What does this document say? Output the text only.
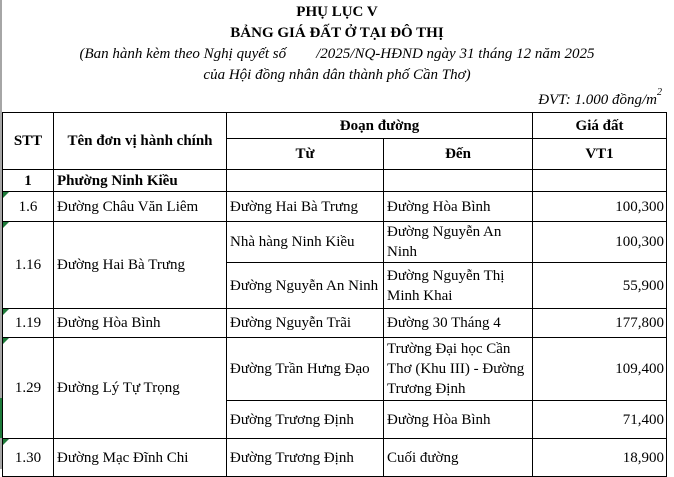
PHỤ LỤC V
BẢNG GIÁ ĐẤT Ở TẠI ĐÔ THỊ
(Ban hành kèm theo Nghị quyết số        /2025/NQ-HĐND ngày 31 tháng 12 năm 2025
của Hội đồng nhân dân thành phố Cần Thơ)
ĐVT: 1.000 đồng/$m^2$
STT	Tên đơn vị hành chính	Đoạn đường		Giá đất
		Từ	Đến	VT1
1	Phường Ninh Kiều			
1.6	Đường Châu Văn Liêm	Đường Hai Bà Trưng	Đường Hòa Bình	100,300
1.16	Đường Hai Bà Trưng	Nhà hàng Ninh Kiều	Đường Nguyễn An Ninh	100,300
		Đường Nguyễn An Ninh	Đường Nguyễn Thị Minh Khai	55,900
1.19	Đường Hòa Bình	Đường Nguyễn Trãi	Đường 30 Tháng 4	177,800
1.29	Đường Lý Tự Trọng	Đường Trần Hưng Đạo	Trường Đại học Cần Thơ (Khu III) - Đường Trương Định	109,400
		Đường Trương Định	Đường Hòa Bình	71,400
1.30	Đường Mạc Đĩnh Chi	Đường Trương Định	Cuối đường	18,900
